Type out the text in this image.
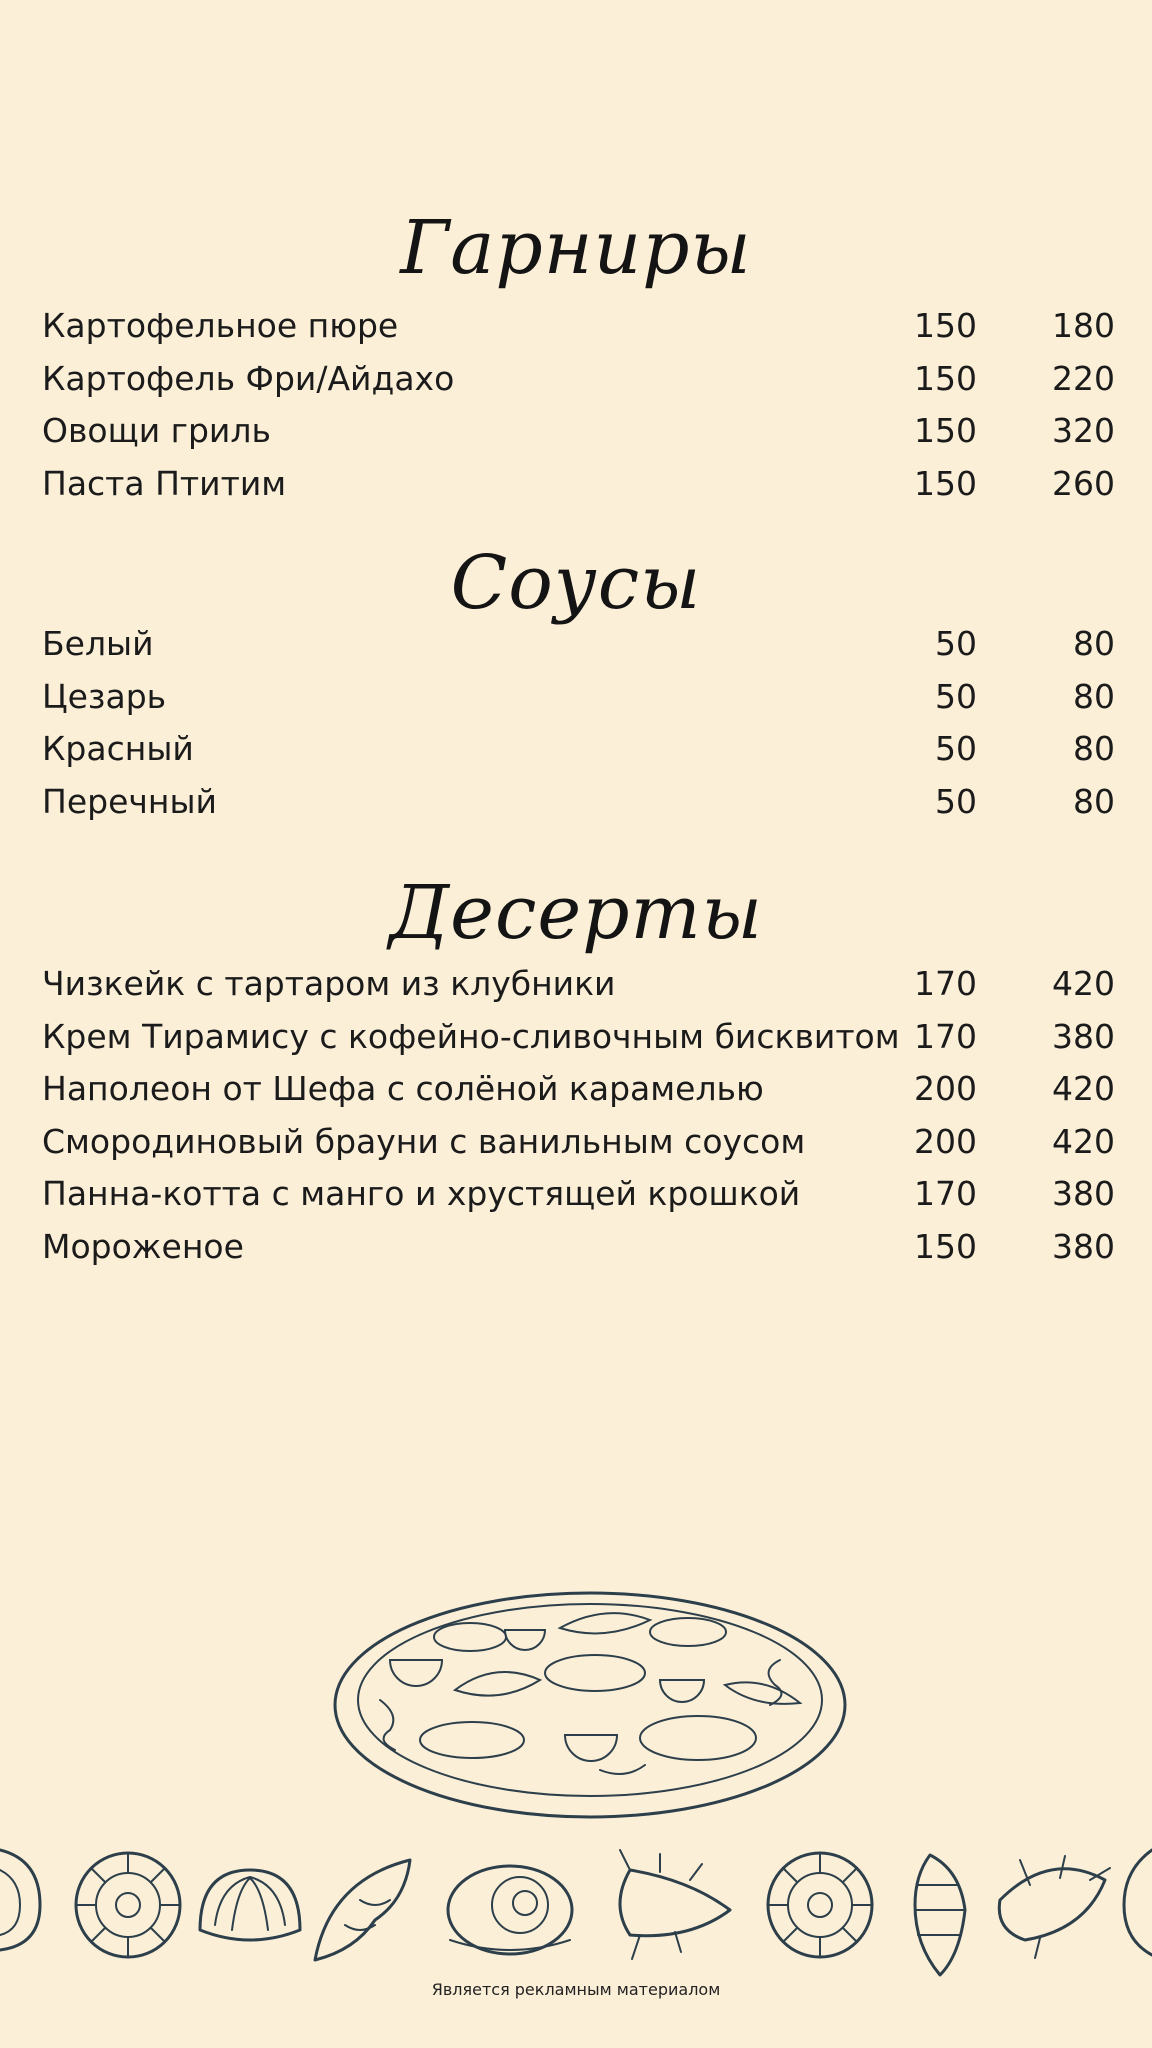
Гарниры
Картофельное пюре	150 180
Картофель Фри/Айдахо	150 220
Овощи гриль	150 320
Паста Птитим	150 260
Соусы
Белый	50	80
Цезарь	50	80
Красный	50	80
Перечный	50	80
Десерты
Чизкейк с тартаром из клубники	170 420
Крем Тирамису с кофейно-сливочным бисквитом 170 380
Наполеон от Шефа с солёной карамелью	200 420
Смородиновый брауни с ванильным соусом	200 420
Панна-котта с манго и хрустящей крошкой	170 380
Мороженое	150 380
Является рекламным материалом
